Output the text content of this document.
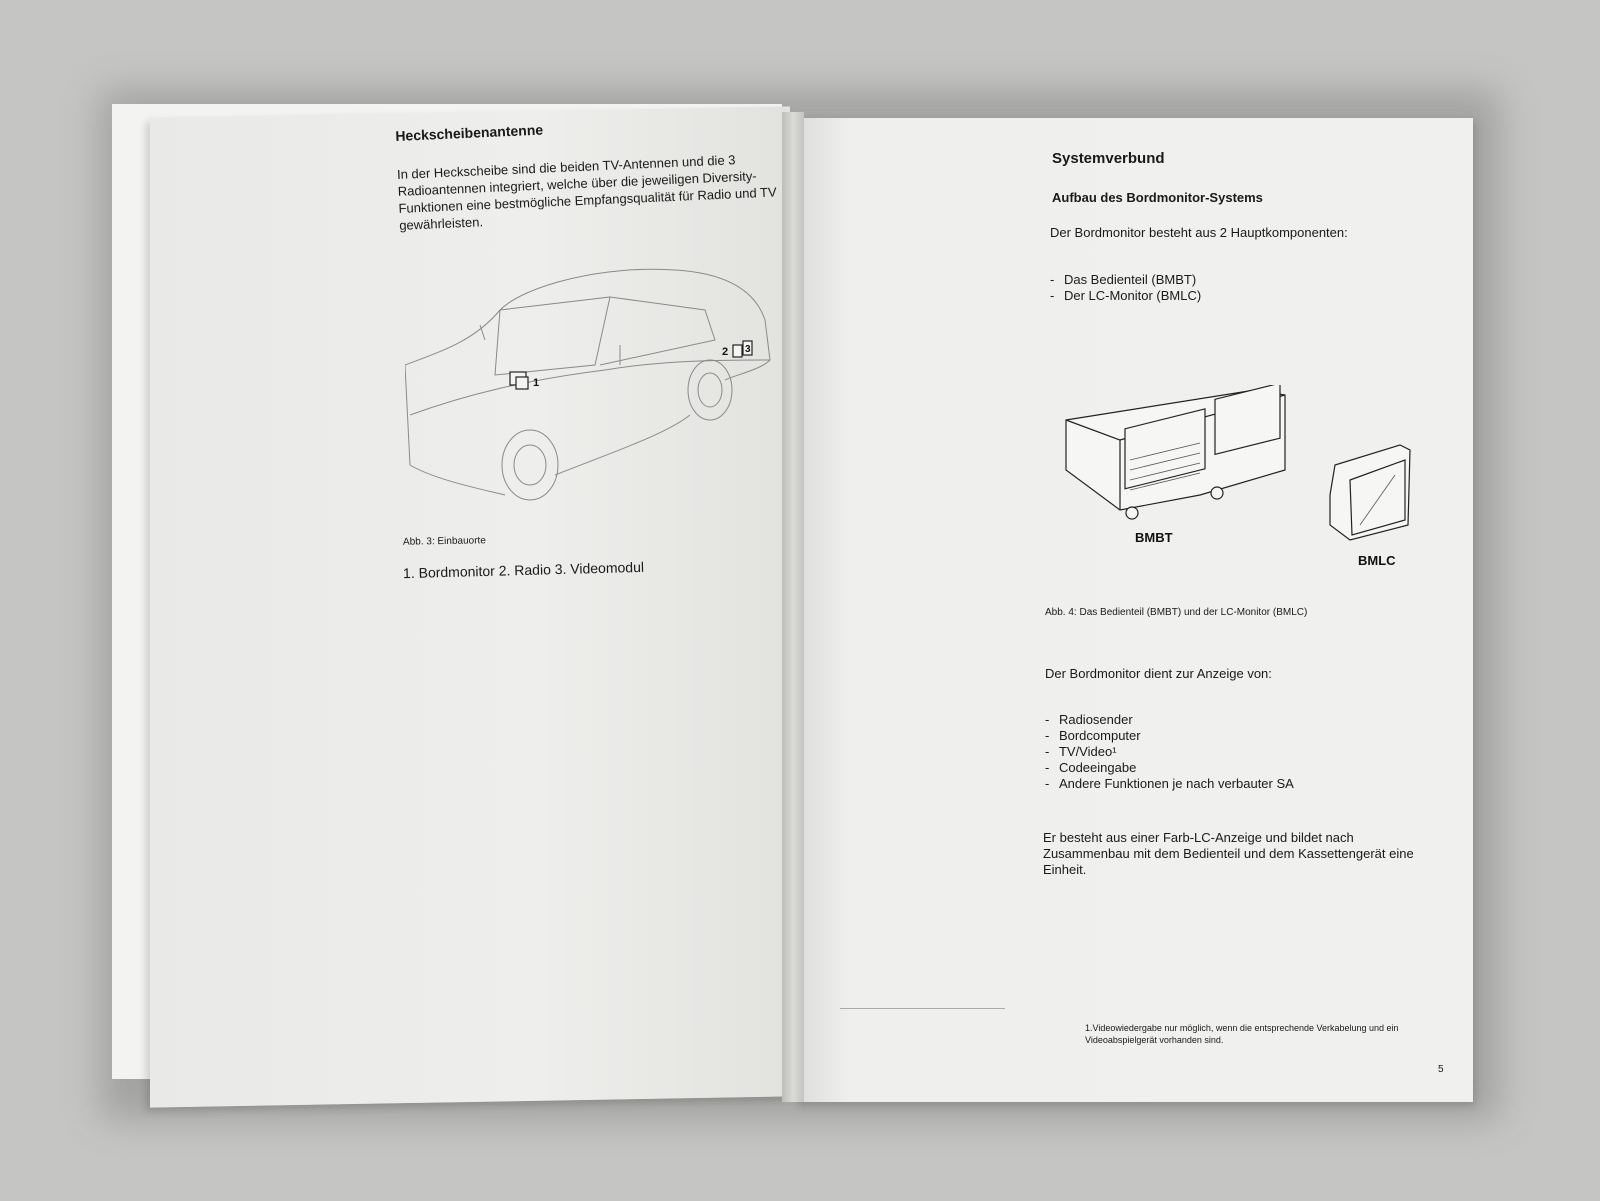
Heckscheibenantenne

In der Heckscheibe sind die beiden TV-Antennen und die 3 Radioantennen integriert, welche über die jeweiligen Diversity-Funktionen eine bestmögliche Empfangsqualität für Radio und TV gewährleisten.

1
2 3
Abb. 3: Einbauorte
1. Bordmonitor 2. Radio 3. Videomodul
Systemverbund
Aufbau des Bordmonitor-Systems
Der Bordmonitor besteht aus 2 Hauptkomponenten:
- Das Bedienteil (BMBT)
- Der LC-Monitor (BMLC)
BMBT
BMLC
Abb. 4: Das Bedienteil (BMBT) und der LC-Monitor (BMLC)
Der Bordmonitor dient zur Anzeige von:
- Radiosender
- Bordcomputer
- TV/Video¹
- Codeeingabe
- Andere Funktionen je nach verbauter SA
Er besteht aus einer Farb-LC-Anzeige und bildet nach Zusammenbau mit dem Bedienteil und dem Kassettengerät eine Einheit.
1.Videowiedergabe nur möglich, wenn die entsprechende Verkabelung und ein Videoabspielgerät vorhanden sind.
5
